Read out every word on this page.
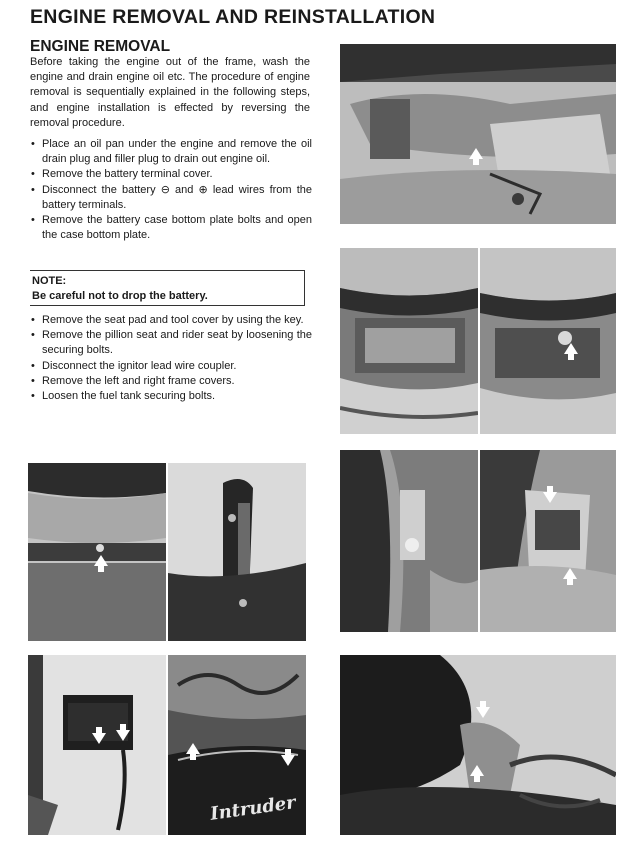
ENGINE REMOVAL AND REINSTALLATION
ENGINE REMOVAL
Before taking the engine out of the frame, wash the engine and drain engine oil etc. The procedure of engine removal is sequentially explained in the following steps, and engine installation is effected by reversing the removal procedure.
• Place an oil pan under the engine and remove the oil drain plug and filler plug to drain out engine oil.
• Remove the battery terminal cover.
• Disconnect the battery ⊖ and ⊕ lead wires from the battery terminals.
• Remove the battery case bottom plate bolts and open the case bottom plate.
NOTE:
Be careful not to drop the battery.
• Remove the seat pad and tool cover by using the key.
• Remove the pillion seat and rider seat by loosening the securing bolts.
• Disconnect the ignitor lead wire coupler.
• Remove the left and right frame covers.
• Loosen the fuel tank securing bolts.
Intruder
